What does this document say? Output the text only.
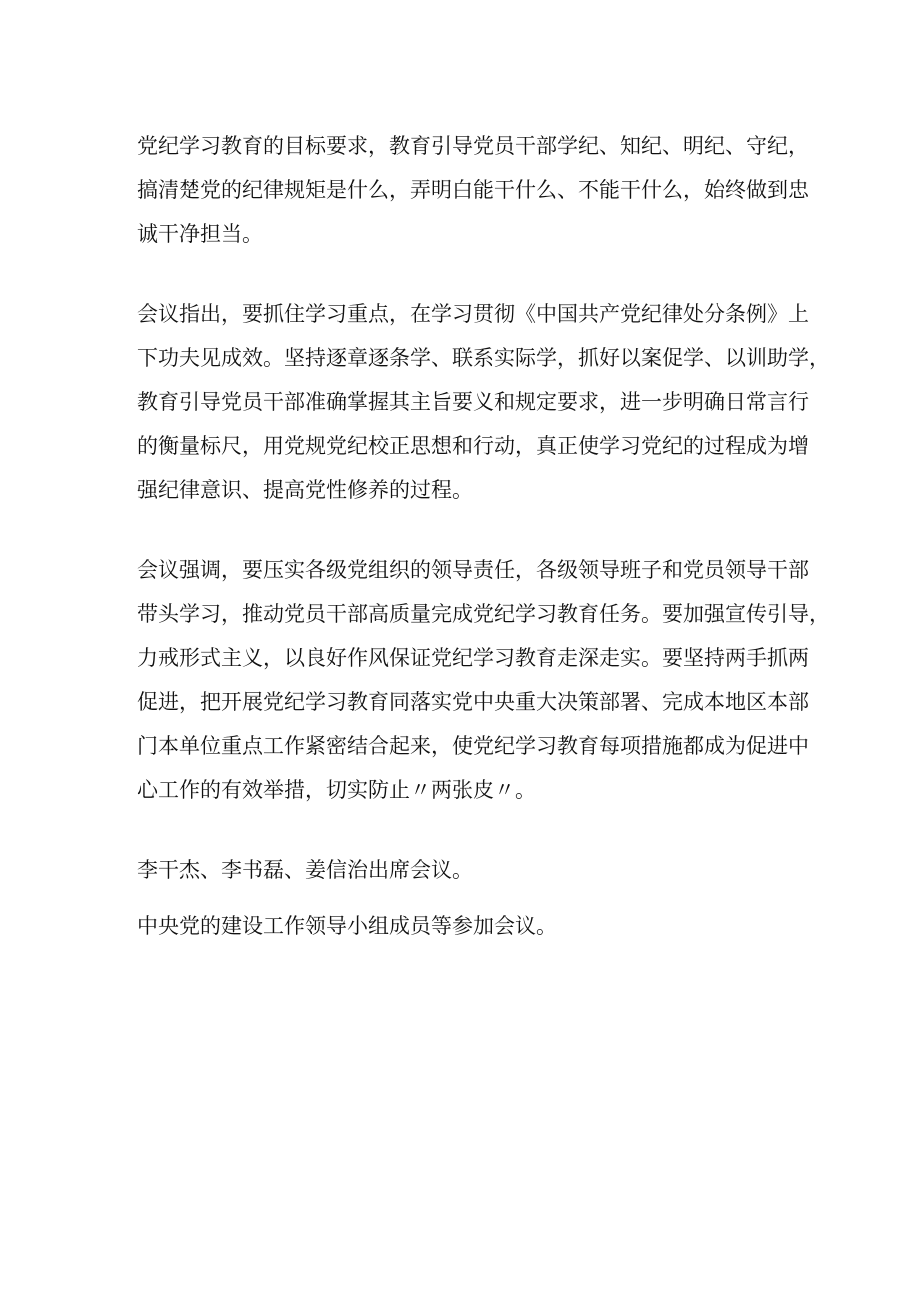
党纪学习教育的目标要求，教育引导党员干部学纪、知纪、明纪、守纪，
搞清楚党的纪律规矩是什么，弄明白能干什么、不能干什么，始终做到忠
诚干净担当。

会议指出，要抓住学习重点，在学习贯彻《中国共产党纪律处分条例》上
下功夫见成效。坚持逐章逐条学、联系实际学，抓好以案促学、以训助学，
教育引导党员干部准确掌握其主旨要义和规定要求，进一步明确日常言行
的衡量标尺，用党规党纪校正思想和行动，真正使学习党纪的过程成为增
强纪律意识、提高党性修养的过程。

会议强调，要压实各级党组织的领导责任，各级领导班子和党员领导干部
带头学习，推动党员干部高质量完成党纪学习教育任务。要加强宣传引导，
力戒形式主义，以良好作风保证党纪学习教育走深走实。要坚持两手抓两
促进，把开展党纪学习教育同落实党中央重大决策部署、完成本地区本部
门本单位重点工作紧密结合起来，使党纪学习教育每项措施都成为促进中
心工作的有效举措，切实防止〃两张皮〃。

李干杰、李书磊、姜信治出席会议。

中央党的建设工作领导小组成员等参加会议。
